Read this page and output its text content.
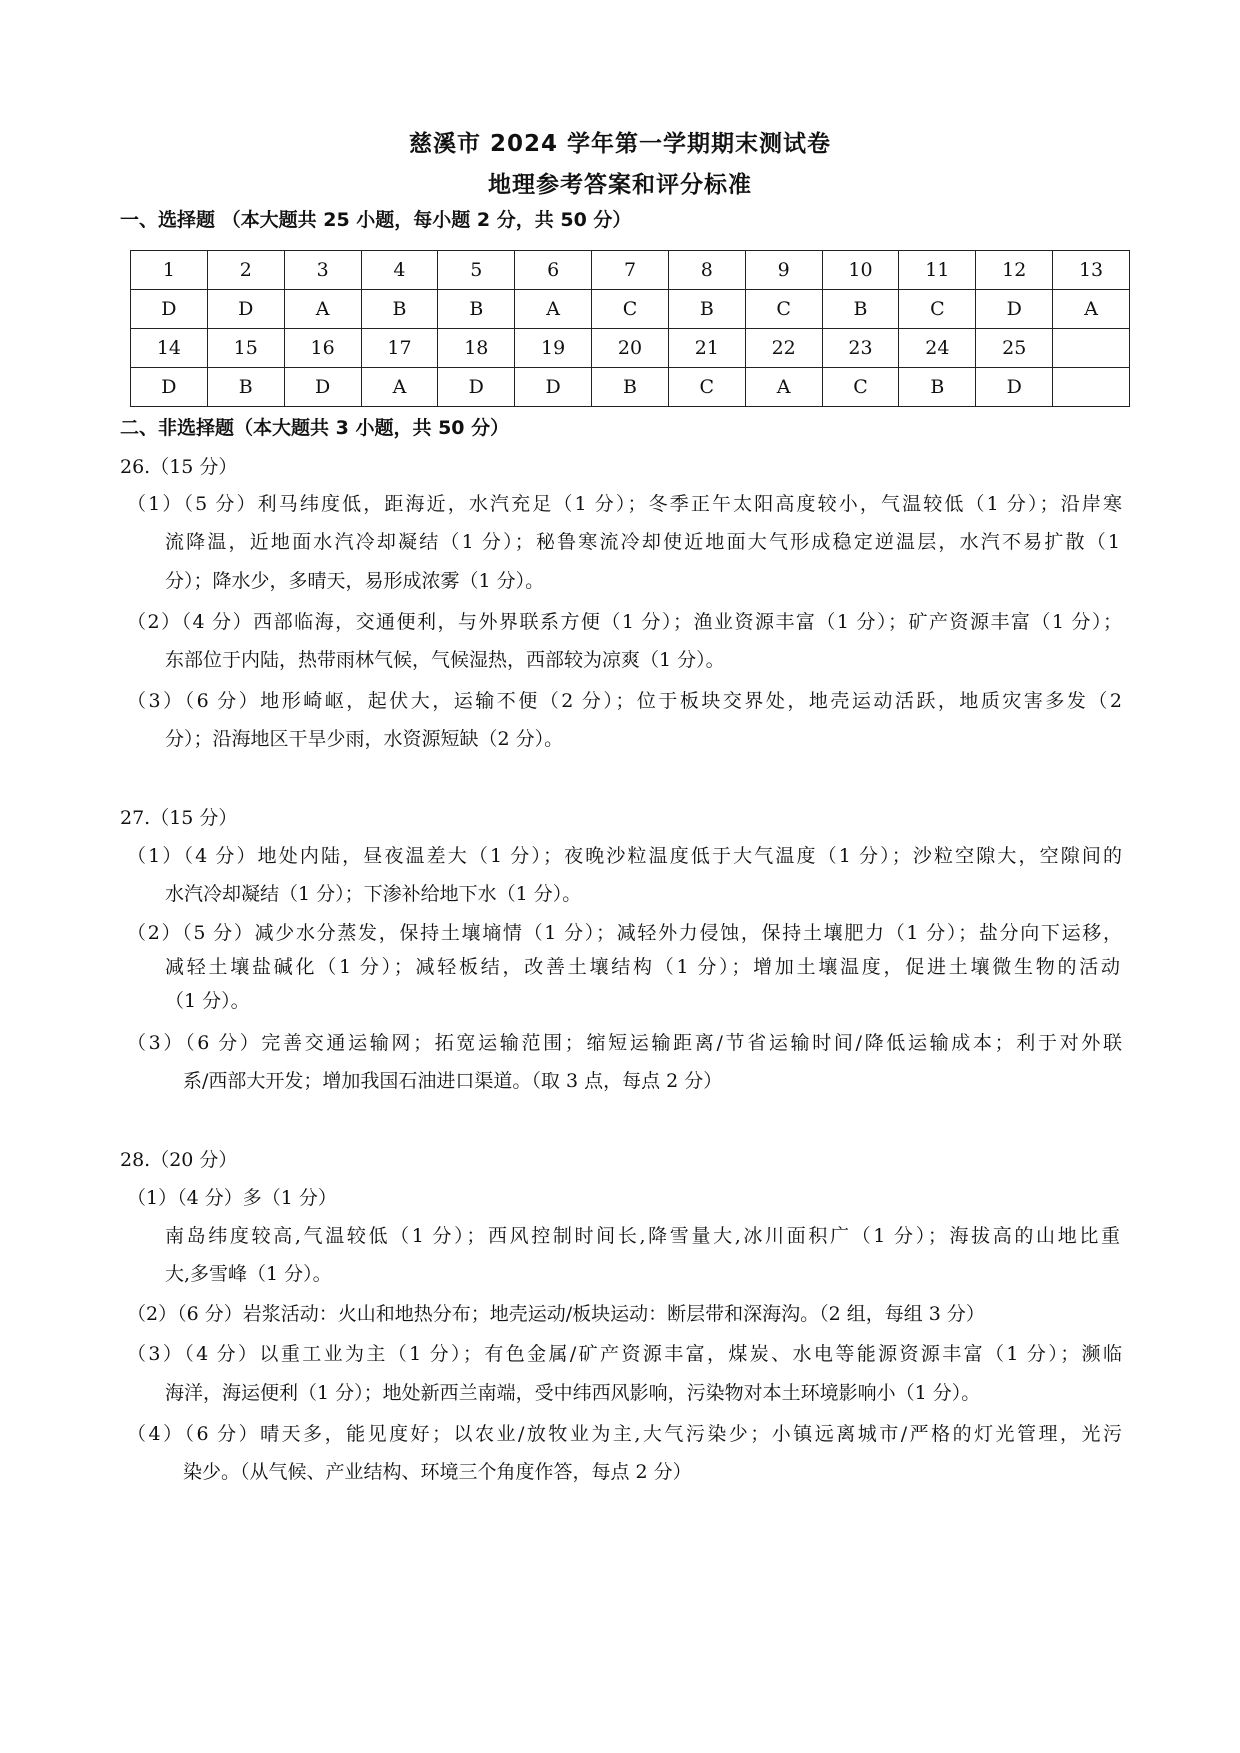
慈溪市 2024 学年第一学期期末测试卷
地理参考答案和评分标准
一、选择题 （本大题共 25 小题，每小题 2 分，共 50 分）
1	2	3	4	5	6	7	8	9	10	11	12	13
D	D	A	B	B	A	C	B	C	B	C	D	A
14	15	16	17	18	19	20	21	22	23	24	25	
D	B	D	A	D	D	B	C	A	C	B	D	
二、非选择题（本大题共 3 小题，共 50 分）
26.（15 分）
（1）（5 分）利马纬度低，距海近，水汽充足（1 分）；冬季正午太阳高度较小，气温较低（1 分）；沿岸寒
流降温，近地面水汽冷却凝结（1 分）；秘鲁寒流冷却使近地面大气形成稳定逆温层，水汽不易扩散（1
分）；降水少，多晴天，易形成浓雾（1 分）。
（2）（4 分）西部临海，交通便利，与外界联系方便（1 分）；渔业资源丰富（1 分）；矿产资源丰富（1 分）；
东部位于内陆，热带雨林气候，气候湿热，西部较为凉爽（1 分）。
（3）（6 分）地形崎岖，起伏大，运输不便（2 分）；位于板块交界处，地壳运动活跃，地质灾害多发（2
分）；沿海地区干旱少雨，水资源短缺（2 分）。
27.（15 分）
（1）（4 分）地处内陆，昼夜温差大（1 分）；夜晚沙粒温度低于大气温度（1 分）；沙粒空隙大，空隙间的
水汽冷却凝结（1 分）；下渗补给地下水（1 分）。
（2）（5 分）减少水分蒸发，保持土壤墒情（1 分）；减轻外力侵蚀，保持土壤肥力（1 分）；盐分向下运移，
减轻土壤盐碱化（1 分）；减轻板结，改善土壤结构（1 分）；增加土壤温度，促进土壤微生物的活动
（1 分）。
（3）（6 分）完善交通运输网；拓宽运输范围；缩短运输距离/节省运输时间/降低运输成本；利于对外联
系/西部大开发；增加我国石油进口渠道。（取 3 点，每点 2 分）
28.（20 分）
（1）（4 分）多（1 分）
南岛纬度较高,气温较低（1 分）；西风控制时间长,降雪量大,冰川面积广（1 分）；海拔高的山地比重
大,多雪峰（1 分）。
（2）（6 分）岩浆活动：火山和地热分布；地壳运动/板块运动：断层带和深海沟。（2 组，每组 3 分）
（3）（4 分）以重工业为主（1 分）；有色金属/矿产资源丰富，煤炭、水电等能源资源丰富（1 分）；濒临
海洋，海运便利（1 分）；地处新西兰南端，受中纬西风影响，污染物对本土环境影响小（1 分）。
（4）（6 分）晴天多，能见度好；以农业/放牧业为主,大气污染少；小镇远离城市/严格的灯光管理，光污
染少。（从气候、产业结构、环境三个角度作答，每点 2 分）
